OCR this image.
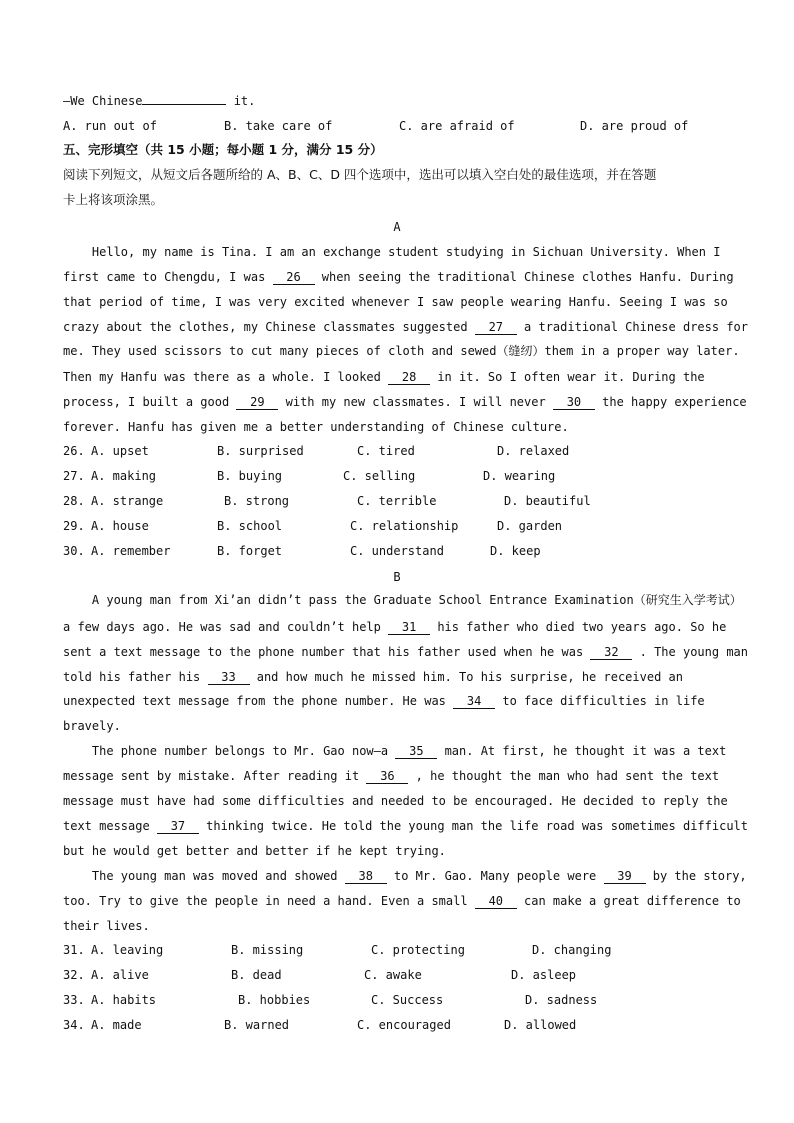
—We Chinese	it.
A. run out of	B. take care of	C. are afraid of	D. are proud of
五、完形填空（共 15 小题；每小题 1 分，满分 15 分）
阅读下列短文，从短文后各题所给的 A、B、C、D 四个选项中，选出可以填入空白处的最佳选项，并在答题
卡上将该项涂黑。
A
Hello, my name is Tina. I am an exchange student studying in Sichuan University. When I
first came to Chengdu, I was 26 when seeing the traditional Chinese clothes Hanfu. During
that period of time, I was very excited whenever I saw people wearing Hanfu. Seeing I was so
crazy about the clothes, my Chinese classmates suggested 27 a traditional Chinese dress for
me. They used scissors to cut many pieces of cloth and sewed（缝纫）them in a proper way later.
Then my Hanfu was there as a whole. I looked 28 in it. So I often wear it. During the
process, I built a good 29 with my new classmates. I will never 30 the happy experience
forever. Hanfu has given me a better understanding of Chinese culture.
26. A. upset	B. surprised	C. tired	D. relaxed
27. A. making	B. buying	C. selling	D. wearing
28. A. strange	B. strong	C. terrible	D. beautiful
29. A. house	B. school	C. relationship	D. garden
30. A. remember	B. forget	C. understand	D. keep
B
A young man from Xi’an didn’t pass the Graduate School Entrance Examination（研究生入学考试）
a few days ago. He was sad and couldn’t help 31 his father who died two years ago. So he
sent a text message to the phone number that his father used when he was 32 . The young man
told his father his 33 and how much he missed him. To his surprise, he received an
unexpected text message from the phone number. He was 34 to face difficulties in life
bravely.
The phone number belongs to Mr. Gao now—a 35 man. At first, he thought it was a text
message sent by mistake. After reading it 36 , he thought the man who had sent the text
message must have had some difficulties and needed to be encouraged. He decided to reply the
text message 37 thinking twice. He told the young man the life road was sometimes difficult
but he would get better and better if he kept trying.
The young man was moved and showed 38 to Mr. Gao. Many people were 39 by the story,
too. Try to give the people in need a hand. Even a small 40 can make a great difference to
their lives.
31. A. leaving	B. missing	C. protecting	D. changing
32. A. alive	B. dead	C. awake	D. asleep
33. A. habits	B. hobbies	C. Success	D. sadness
34. A. made	B. warned	C. encouraged	D. allowed
